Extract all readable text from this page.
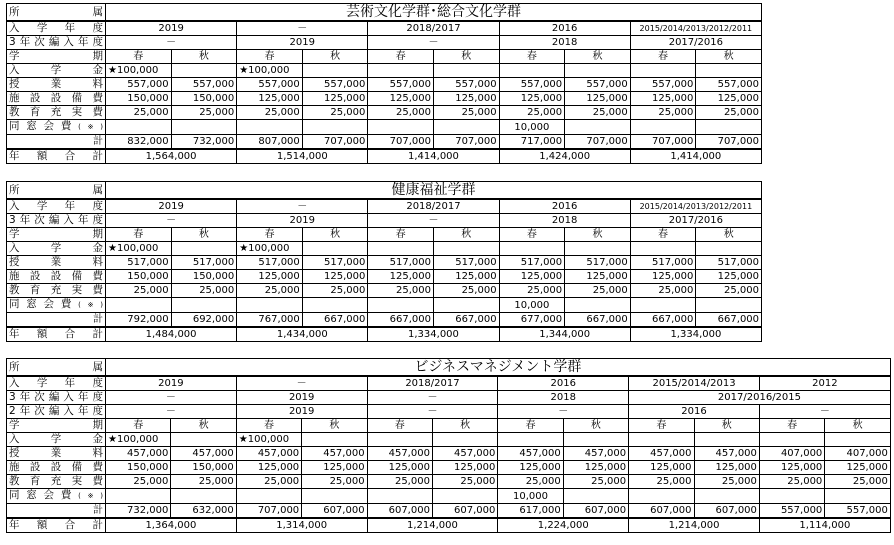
所　属	芸術文化学群･総合文化学群									
入学年度	2019		－		2018/2017		2016		2015/2014/2013/2012/2011	
3年次編入年度	－		2019		－		2018		2017/2016	
学　期	春	秋	春	秋	春	秋	春	秋	春	秋
入学金	★100,000		★100,000							
授業料	557,000	557,000	557,000	557,000	557,000	557,000	557,000	557,000	557,000	557,000
施設設備費	150,000	150,000	125,000	125,000	125,000	125,000	125,000	125,000	125,000	125,000
教育充実費	25,000	25,000	25,000	25,000	25,000	25,000	25,000	25,000	25,000	25,000
同窓会費(※)							10,000			
計	832,000	732,000	807,000	707,000	707,000	707,000	717,000	707,000	707,000	707,000
年額合計	1,564,000		1,514,000		1,414,000		1,424,000		1,414,000	
所　属	健康福祉学群									
入学年度	2019		－		2018/2017		2016		2015/2014/2013/2012/2011	
3年次編入年度	－		2019		－		2018		2017/2016	
学　期	春	秋	春	秋	春	秋	春	秋	春	秋
入学金	★100,000		★100,000							
授業料	517,000	517,000	517,000	517,000	517,000	517,000	517,000	517,000	517,000	517,000
施設設備費	150,000	150,000	125,000	125,000	125,000	125,000	125,000	125,000	125,000	125,000
教育充実費	25,000	25,000	25,000	25,000	25,000	25,000	25,000	25,000	25,000	25,000
同窓会費(※)							10,000			
計	792,000	692,000	767,000	667,000	667,000	667,000	677,000	667,000	667,000	667,000
年額合計	1,484,000		1,434,000		1,334,000		1,344,000		1,334,000	
所　属	ビジネスマネジメント学群											
入学年度	2019		－		2018/2017		2016		2015/2014/2013		2012	
3年次編入年度	－		2019		－		2018		2017/2016/2015			
2年次編入年度	－		2019		－		－		2016		－	
学　期	春	秋	春	秋	春	秋	春	秋	春	秋	春	秋
入学金	★100,000		★100,000									
授業料	457,000	457,000	457,000	457,000	457,000	457,000	457,000	457,000	457,000	457,000	407,000	407,000
施設設備費	150,000	150,000	125,000	125,000	125,000	125,000	125,000	125,000	125,000	125,000	125,000	125,000
教育充実費	25,000	25,000	25,000	25,000	25,000	25,000	25,000	25,000	25,000	25,000	25,000	25,000
同窓会費(※)							10,000					
計	732,000	632,000	707,000	607,000	607,000	607,000	617,000	607,000	607,000	607,000	557,000	557,000
年額合計	1,364,000		1,314,000		1,214,000		1,224,000		1,214,000		1,114,000	
